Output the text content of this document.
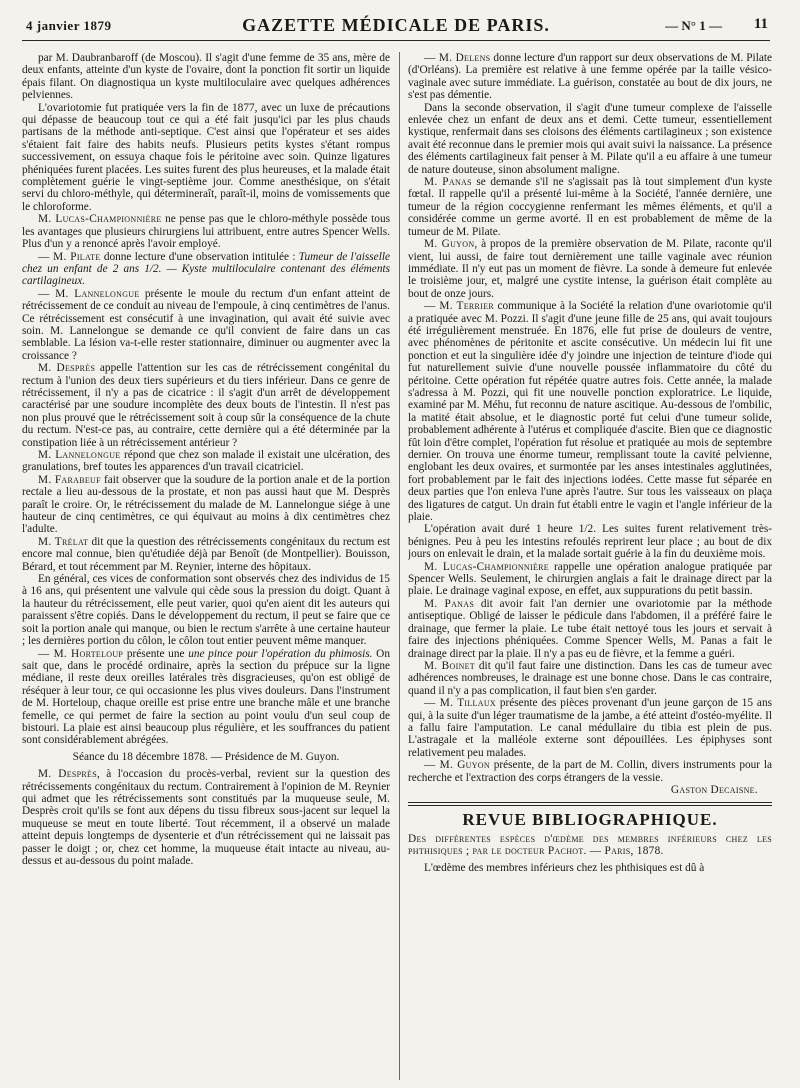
4 janvier 1879	GAZETTE MÉDICALE DE PARIS.	— N° 1 — 11

par M. Daubranbaroff (de Moscou). Il s'agit d'une femme de 35 ans, mère de deux enfants, atteinte d'un kyste de l'ovaire, dont la ponction fit sortir un liquide épais filant. On diagnostiqua un kyste multiloculaire avec quelques adhérences pelviennes.

L'ovariotomie fut pratiquée vers la fin de 1877, avec un luxe de précautions qui dépasse de beaucoup tout ce qui a été fait jusqu'ici par les plus chauds partisans de la méthode anti-septique. C'est ainsi que l'opérateur et ses aides s'étaient fait faire des habits neufs. Plusieurs petits kystes s'étant rompus successivement, on essuya chaque fois le péritoine avec soin. Quinze ligatures phéniquées furent placées. Les suites furent des plus heureuses, et la malade était complètement guérie le vingt-septième jour. Comme anesthésique, on s'était servi du chloro-méthyle, qui détermineraît, paraît-il, moins de vomissements que le chloroforme.

M. Lucas-Championnière ne pense pas que le chloro-méthyle possède tous les avantages que plusieurs chirurgiens lui attribuent, entre autres Spencer Wells. Plus d'un y a renoncé après l'avoir employé.

— M. Pilate donne lecture d'une observation intitulée : Tumeur de l'aisselle chez un enfant de 2 ans 1/2. — Kyste multiloculaire contenant des éléments cartilagineux.

— M. Lannelongue présente le moule du rectum d'un enfant atteint de rétrécissement de ce conduit au niveau de l'empoule, à cinq centimètres de l'anus. Ce rétrécissement est consécutif à une invagination, qui avait été suivie avec soin. M. Lannelongue se demande ce qu'il convient de faire dans un cas semblable. La lésion va-t-elle rester stationnaire, diminuer ou augmenter avec la croissance ?

M. Desprès appelle l'attention sur les cas de rétrécissement congénital du rectum à l'union des deux tiers supérieurs et du tiers inférieur. Dans ce genre de rétrécissement, il n'y a pas de cicatrice : il s'agit d'un arrêt de développement caractérisé par une soudure incomplète des deux bouts de l'intestin. Il n'est pas non plus prouvé que le rétrécissement soit à coup sûr la conséquence de la chute du rectum. N'est-ce pas, au contraire, cette dernière qui a été déterminée par la constipation liée à un rétrécissement antérieur ?

M. Lannelongue répond que chez son malade il existait une ulcération, des granulations, bref toutes les apparences d'un travail cicatriciel.

M. Farabeuf fait observer que la soudure de la portion anale et de la portion rectale a lieu au-dessous de la prostate, et non pas aussi haut que M. Desprès paraît le croire. Or, le rétrécissement du malade de M. Lannelongue siége à une hauteur de cinq centimètres, ce qui équivaut au moins à dix centimètres chez l'adulte.

M. Trélat dit que la question des rétrécissements congénitaux du rectum est encore mal connue, bien qu'étudiée déjà par Benoît (de Montpellier). Bouisson, Bérard, et tout récemment par M. Reynier, interne des hôpitaux.

En général, ces vices de conformation sont observés chez des individus de 15 à 16 ans, qui présentent une valvule qui cède sous la pression du doigt. Quant à la hauteur du rétrécissement, elle peut varier, quoi qu'en aient dit les auteurs qui paraissent s'être copiés. Dans le développement du rectum, il peut se faire que ce soit la portion anale qui manque, ou bien le rectum s'arrête à une certaine hauteur ; les dernières portion du côlon, le côlon tout entier peuvent même manquer.

— M. Horteloup présente une une pince pour l'opération du phimosis. On sait que, dans le procédé ordinaire, après la section du prépuce sur la ligne médiane, il reste deux oreilles latérales très disgracieuses, qu'on est obligé de réséquer à leur tour, ce qui occasionne les plus vives douleurs. Dans l'instrument de M. Horteloup, chaque oreille est prise entre une branche mâle et une branche femelle, ce qui permet de faire la section au point voulu d'un seul coup de bistouri. La plaie est ainsi beaucoup plus régulière, et les souffrances du patient sont considérablement abrégées.

Séance du 18 décembre 1878. — Présidence de M. Guyon.

M. Desprès, à l'occasion du procès-verbal, revient sur la question des rétrécissements congénitaux du rectum. Contrairement à l'opinion de M. Reynier qui admet que les rétrécissements sont constitués par la muqueuse seule, M. Desprès croit qu'ils se font aux dépens du tissu fibreux sous-jacent sur lequel la muqueuse se meut en toute liberté. Tout récemment, il a observé un malade atteint depuis longtemps de dysenterie et d'un rétrécissement qui ne laissait pas passer le doigt ; or, chez cet homme, la muqueuse était intacte au niveau, au-dessus et au-dessous du point malade.

— M. Delens donne lecture d'un rapport sur deux observations de M. Pilate (d'Orléans). La première est relative à une femme opérée par la taille vésico-vaginale avec suture immédiate. La guérison, constatée au bout de dix jours, ne s'est pas démentie.

Dans la seconde observation, il s'agit d'une tumeur complexe de l'aisselle enlevée chez un enfant de deux ans et demi. Cette tumeur, essentiellement kystique, renfermait dans ses cloisons des éléments cartilagineux ; son existence avait été reconnue dans le premier mois qui avait suivi la naissance. La présence des éléments cartilagineux fait penser à M. Pilate qu'il a eu affaire à une tumeur de nature douteuse, sinon absolument maligne.

M. Panas se demande s'il ne s'agissait pas là tout simplement d'un kyste fœtal. Il rappelle qu'il a présenté lui-même à la Société, l'année dernière, une tumeur de la région coccygienne renfermant les mêmes éléments, et qu'il a considérée comme un germe avorté. Il en est probablement de même de la tumeur de M. Pilate.

M. Guyon, à propos de la première observation de M. Pilate, raconte qu'il vient, lui aussi, de faire tout dernièrement une taille vaginale avec réunion immédiate. Il n'y eut pas un moment de fièvre. La sonde à demeure fut enlevée le troisième jour, et, malgré une cystite intense, la guérison était complète au bout de onze jours.

— M. Terrier communique à la Société la relation d'une ovariotomie qu'il a pratiquée avec M. Pozzi. Il s'agit d'une jeune fille de 25 ans, qui avait toujours été irrégulièrement menstruée. En 1876, elle fut prise de douleurs de ventre, avec phénomènes de péritonite et ascite consécutive. Un médecin lui fit une ponction et eut la singulière idée d'y joindre une injection de teinture d'iode qui fut naturellement suivie d'une nouvelle poussée inflammatoire du côté du péritoine. Cette opération fut répétée quatre autres fois. Cette année, la malade s'adressa à M. Pozzi, qui fit une nouvelle ponction exploratrice. Le liquide, examiné par M. Méhu, fut reconnu de nature ascitique. Au-dessous de l'ombilic, la matité était absolue, et le diagnostic porté fut celui d'une tumeur solide, probablement adhérente à l'utérus et compliquée d'ascite. Bien que ce diagnostic fût loin d'être complet, l'opération fut résolue et pratiquée au mois de septembre dernier. On trouva une énorme tumeur, remplissant toute la cavité pelvienne, englobant les deux ovaires, et surmontée par les anses intestinales agglutinées, fort probablement par le fait des injections iodées. Cette masse fut séparée en deux parties que l'on enleva l'une après l'autre. Sur tous les vaisseaux on plaça des ligatures de catgut. Un drain fut établi entre le vagin et l'angle inférieur de la plaie.

L'opération avait duré 1 heure 1/2. Les suites furent relativement très-bénignes. Peu à peu les intestins refoulés reprirent leur place ; au bout de dix jours on enlevait le drain, et la malade sortait guérie à la fin du deuxième mois.

M. Lucas-Championnière rappelle une opération analogue pratiquée par Spencer Wells. Seulement, le chirurgien anglais a fait le drainage direct par la plaie. Le drainage vaginal expose, en effet, aux suppurations du petit bassin.

M. Panas dit avoir fait l'an dernier une ovariotomie par la méthode antiseptique. Obligé de laisser le pédicule dans l'abdomen, il a préféré faire le drainage, que fermer la plaie. Le tube était nettoyé tous les jours et servait à faire des injections phéniquées. Comme Spencer Wells, M. Panas a fait le drainage direct par la plaie. Il n'y a pas eu de fièvre, et la femme a guéri.

M. Boinet dit qu'il faut faire une distinction. Dans les cas de tumeur avec adhérences nombreuses, le drainage est une bonne chose. Dans le cas contraire, quand il n'y a pas complication, il faut bien s'en garder.

— M. Tillaux présente des pièces provenant d'un jeune garçon de 15 ans qui, à la suite d'un léger traumatisme de la jambe, a été atteint d'ostéo-myélite. Il a fallu faire l'amputation. Le canal médullaire du tibia est plein de pus. L'astragale et la malléole externe sont dépouillées. Les épiphyses sont relativement peu malades.

— M. Guyon présente, de la part de M. Collin, divers instruments pour la recherche et l'extraction des corps étrangers de la vessie.

Gaston Decaisne.

REVUE BIBLIOGRAPHIQUE.

Des différentes espèces d'œdème des membres inférieurs chez les phthisiques ; par le docteur Pachot. — Paris, 1878.

L'œdème des membres inférieurs chez les phthisiques est dû à
